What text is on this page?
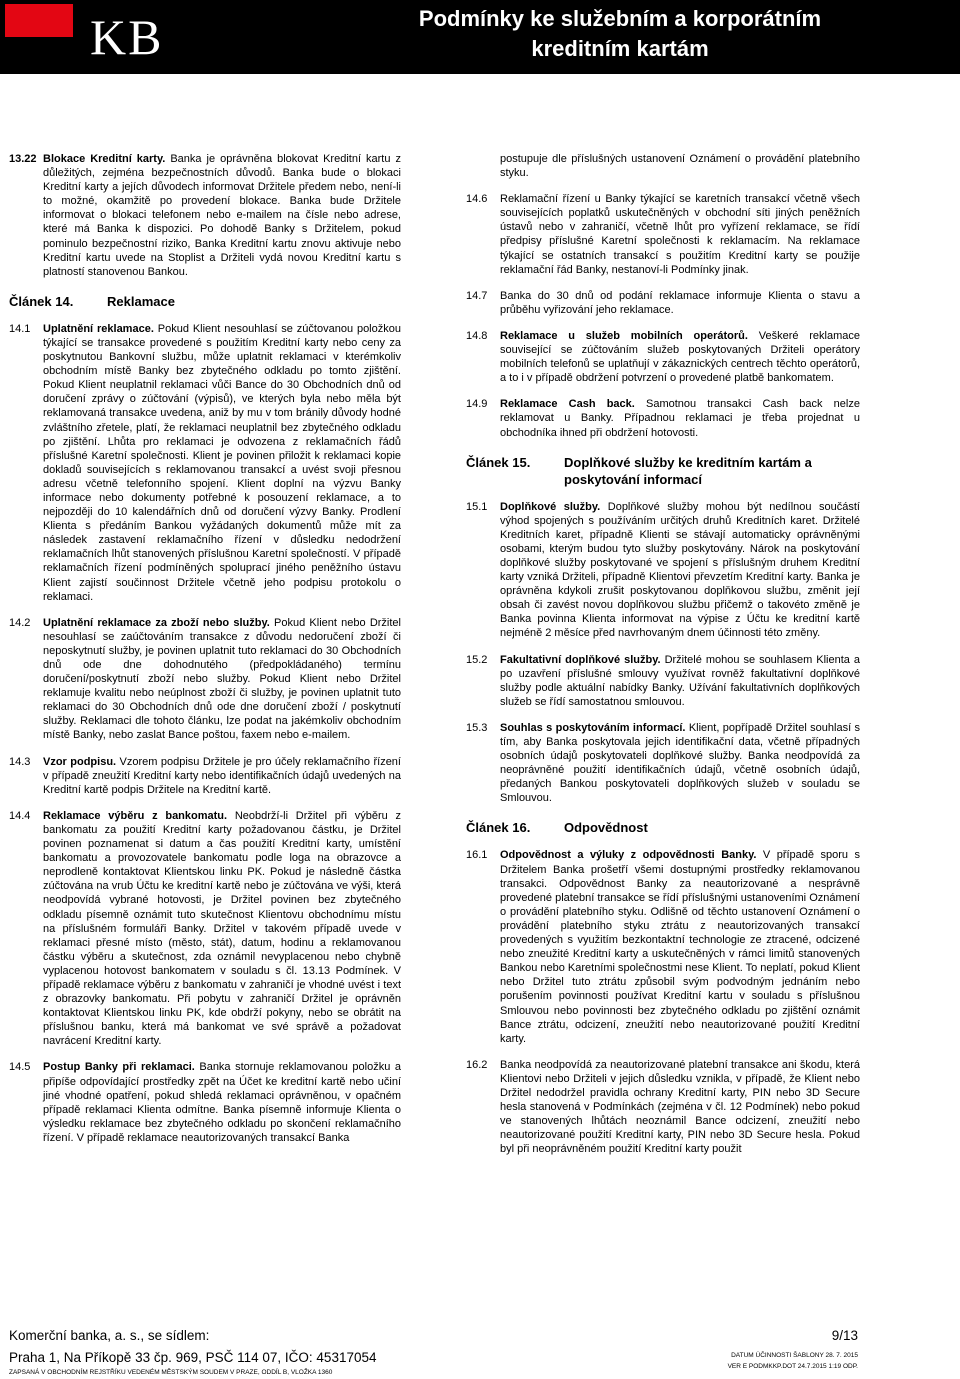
KB	Podmínky ke služebním a korporátním kreditním kartám
13.22 Blokace Kreditní karty. Banka je oprávněna blokovat Kreditní kartu z důležitých, zejména bezpečnostních důvodů. Banka bude o blokaci Kreditní karty a jejích důvodech informovat Držitele předem nebo, není-li to možné, okamžitě po provedení blokace. Banka bude Držitele informovat o blokaci telefonem nebo e-mailem na čísle nebo adrese, které má Banka k dispozici. Po dohodě Banky s Držitelem, pokud pominulo bezpečnostní riziko, Banka Kreditní kartu znovu aktivuje nebo Kreditní kartu uvede na Stoplist a Držiteli vydá novou Kreditní kartu s platností stanovenou Bankou.
Článek 14.	Reklamace
14.1	Uplatnění reklamace. Pokud Klient nesouhlasí se zúčtovanou položkou týkající se transakce provedené s použitím Kreditní karty nebo ceny za poskytnutou Bankovní službu, může uplatnit reklamaci v kterémkoliv obchodním místě Banky bez zbytečného odkladu po tomto zjištění. Pokud Klient neuplatnil reklamaci vůči Bance do 30 Obchodních dnů od doručení zprávy o zúčtování (výpisů), ve kterých byla nebo měla být reklamovaná transakce uvedena, aniž by mu v tom bránily důvody hodné zvláštního zřetele, platí, že reklamaci neuplatnil bez zbytečného odkladu po zjištění. Lhůta pro reklamaci je odvozena z reklamačních řádů příslušné Karetní společnosti. Klient je povinen přiložit k reklamaci kopie dokladů souvisejících s reklamovanou transakcí a uvést svoji přesnou adresu včetně telefonního spojení. Klient doplní na výzvu Banky informace nebo dokumenty potřebné k posouzení reklamace, a to nejpozději do 10 kalendářních dnů od doručení výzvy Banky. Prodlení Klienta s předáním Bankou vyžádaných dokumentů může mít za následek zastavení reklamačního řízení v důsledku nedodržení reklamačních lhůt stanovených příslušnou Karetní společností. V případě reklamačních řízení podmíněných spoluprací jiného peněžního ústavu Klient zajistí součinnost Držitele včetně jeho podpisu protokolu o reklamaci.
14.2	Uplatnění reklamace za zboží nebo služby. Pokud Klient nebo Držitel nesouhlasí se zaúčtováním transakce z důvodu nedoručení zboží či neposkytnutí služby, je povinen uplatnit tuto reklamaci do 30 Obchodních dnů ode dne dohodnutého (předpokládaného) termínu doručení/poskytnutí zboží nebo služby. Pokud Klient nebo Držitel reklamuje kvalitu nebo neúplnost zboží či služby, je povinen uplatnit tuto reklamaci do 30 Obchodních dnů ode dne doručení zboží / poskytnutí služby. Reklamaci dle tohoto článku, lze podat na jakémkoliv obchodním místě Banky, nebo zaslat Bance poštou, faxem nebo e-mailem.
14.3	Vzor podpisu. Vzorem podpisu Držitele je pro účely reklamačního řízení v případě zneužití Kreditní karty nebo identifikačních údajů uvedených na Kreditní kartě podpis Držitele na Kreditní kartě.
14.4	Reklamace výběru z bankomatu. Neobdrží-li Držitel při výběru z bankomatu za použití Kreditní karty požadovanou částku, je Držitel povinen poznamenat si datum a čas použití Kreditní karty, umístění bankomatu a provozovatele bankomatu podle loga na obrazovce a neprodleně kontaktovat Klientskou linku PK. Pokud je následně částka zúčtována na vrub Účtu ke kreditní kartě nebo je zúčtována ve výši, která neodpovídá vybrané hotovosti, je Držitel povinen bez zbytečného odkladu písemně oznámit tuto skutečnost Klientovu obchodnímu místu na příslušném formuláři Banky. Držitel v takovém případě uvede v reklamaci přesné místo (město, stát), datum, hodinu a reklamovanou částku výběru a skutečnost, zda oznámil nevyplacenou nebo chybně vyplacenou hotovost bankomatem v souladu s čl. 13.13 Podmínek. V případě reklamace výběru z bankomatu v zahraničí je vhodné uvést i text z obrazovky bankomatu. Při pobytu v zahraničí Držitel je oprávněn kontaktovat Klientskou linku PK, kde obdrží pokyny, nebo se obrátit na příslušnou banku, která má bankomat ve své správě a požadovat navrácení Kreditní karty.
14.5	Postup Banky při reklamaci. Banka stornuje reklamovanou položku a připíše odpovídající prostředky zpět na Účet ke kreditní kartě nebo učiní jiné vhodné opatření, pokud shledá reklamaci oprávněnou, v opačném případě reklamaci Klienta odmítne. Banka písemně informuje Klienta o výsledku reklamace bez zbytečného odkladu po skončení reklamačního řízení. V případě reklamace neautorizovaných transakcí Banka
postupuje dle příslušných ustanovení Oznámení o provádění platebního styku.
14.6	Reklamační řízení u Banky týkající se karetních transakcí včetně všech souvisejících poplatků uskutečněných v obchodní síti jiných peněžních ústavů nebo v zahraničí, včetně lhůt pro vyřízení reklamace, se řídí předpisy příslušné Karetní společnosti k reklamacím. Na reklamace týkající se ostatních transakcí s použitím Kreditní karty se použije reklamační řád Banky, nestanoví-li Podmínky jinak.
14.7	Banka do 30 dnů od podání reklamace informuje Klienta o stavu a průběhu vyřizování jeho reklamace.
14.8	Reklamace u služeb mobilních operátorů. Veškeré reklamace související se zúčtováním služeb poskytovaných Držiteli operátory mobilních telefonů se uplatňují v zákaznických centrech těchto operátorů, a to i v případě obdržení potvrzení o provedené platbě bankomatem.
14.9	Reklamace Cash back. Samotnou transakci Cash back nelze reklamovat u Banky. Případnou reklamaci je třeba projednat u obchodníka ihned při obdržení hotovosti.
Článek 15.	Doplňkové služby ke kreditním kartám a poskytování informací
15.1	Doplňkové služby. Doplňkové služby mohou být nedílnou součástí výhod spojených s používáním určitých druhů Kreditních karet. Držitelé Kreditních karet, případně Klienti se stávají automaticky oprávněnými osobami, kterým budou tyto služby poskytovány. Nárok na poskytování doplňkové služby poskytované ve spojení s příslušným druhem Kreditní karty vzniká Držiteli, případně Klientovi převzetím Kreditní karty. Banka je oprávněna kdykoli zrušit poskytovanou doplňkovou službu, změnit její obsah či zavést novou doplňkovou službu přičemž o takovéto změně je Banka povinna Klienta informovat na výpise z Účtu ke kreditní kartě nejméně 2 měsíce před navrhovaným dnem účinnosti této změny.
15.2	Fakultativní doplňkové služby. Držitelé mohou se souhlasem Klienta a po uzavření příslušné smlouvy využívat rovněž fakultativní doplňkové služby podle aktuální nabídky Banky. Užívání fakultativních doplňkových služeb se řídí samostatnou smlouvou.
15.3	Souhlas s poskytováním informací. Klient, popřípadě Držitel souhlasí s tím, aby Banka poskytovala jejich identifikační data, včetně případných osobních údajů poskytovateli doplňkové služby. Banka neodpovídá za neoprávněné použití identifikačních údajů, včetně osobních údajů, předaných Bankou poskytovateli doplňkových služeb v souladu se Smlouvou.
Článek 16.	Odpovědnost
16.1	Odpovědnost a výluky z odpovědnosti Banky. V případě sporu s Držitelem Banka prošetří všemi dostupnými prostředky reklamovanou transakci. Odpovědnost Banky za neautorizované a nesprávně provedené platební transakce se řídí příslušnými ustanoveními Oznámení o provádění platebního styku. Odlišně od těchto ustanovení Oznámení o provádění platebního styku ztrátu z neautorizovaných transakcí provedených s využitím bezkontaktní technologie ze ztracené, odcizené nebo zneužité Kreditní karty a uskutečněných v rámci limitů stanovených Bankou nebo Karetními společnostmi nese Klient. To neplatí, pokud Klient nebo Držitel tuto ztrátu způsobil svým podvodným jednáním nebo porušením povinnosti používat Kreditní kartu v souladu s příslušnou Smlouvou nebo povinnosti bez zbytečného odkladu po zjištění oznámit Bance ztrátu, odcizení, zneužití nebo neautorizované použití Kreditní karty.
16.2	Banka neodpovídá za neautorizované platební transakce ani škodu, která Klientovi nebo Držiteli v jejich důsledku vznikla, v případě, že Klient nebo Držitel nedodržel pravidla ochrany Kreditní karty, PIN nebo 3D Secure hesla stanovená v Podmínkách (zejména v čl. 12 Podmínek) nebo pokud ve stanovených lhůtách neoznámil Bance odcizení, zneužití nebo neautorizované použití Kreditní karty, PIN nebo 3D Secure hesla. Pokud byl při neoprávněném použití Kreditní karty použit
Komerční banka, a. s., se sídlem:
Praha 1, Na Příkopě 33 čp. 969, PSČ 114 07, IČO: 45317054
ZAPSANÁ V OBCHODNÍM REJSTŘÍKU VEDENÉM MĚSTSKÝM SOUDEM V PRAZE, ODDÍL B, VLOŽKA 1360
9/13
DATUM ÚČINNOSTI ŠABLONY 28. 7. 2015
VER E PODMKKP.DOT 24.7.2015 1:19 ODP.
